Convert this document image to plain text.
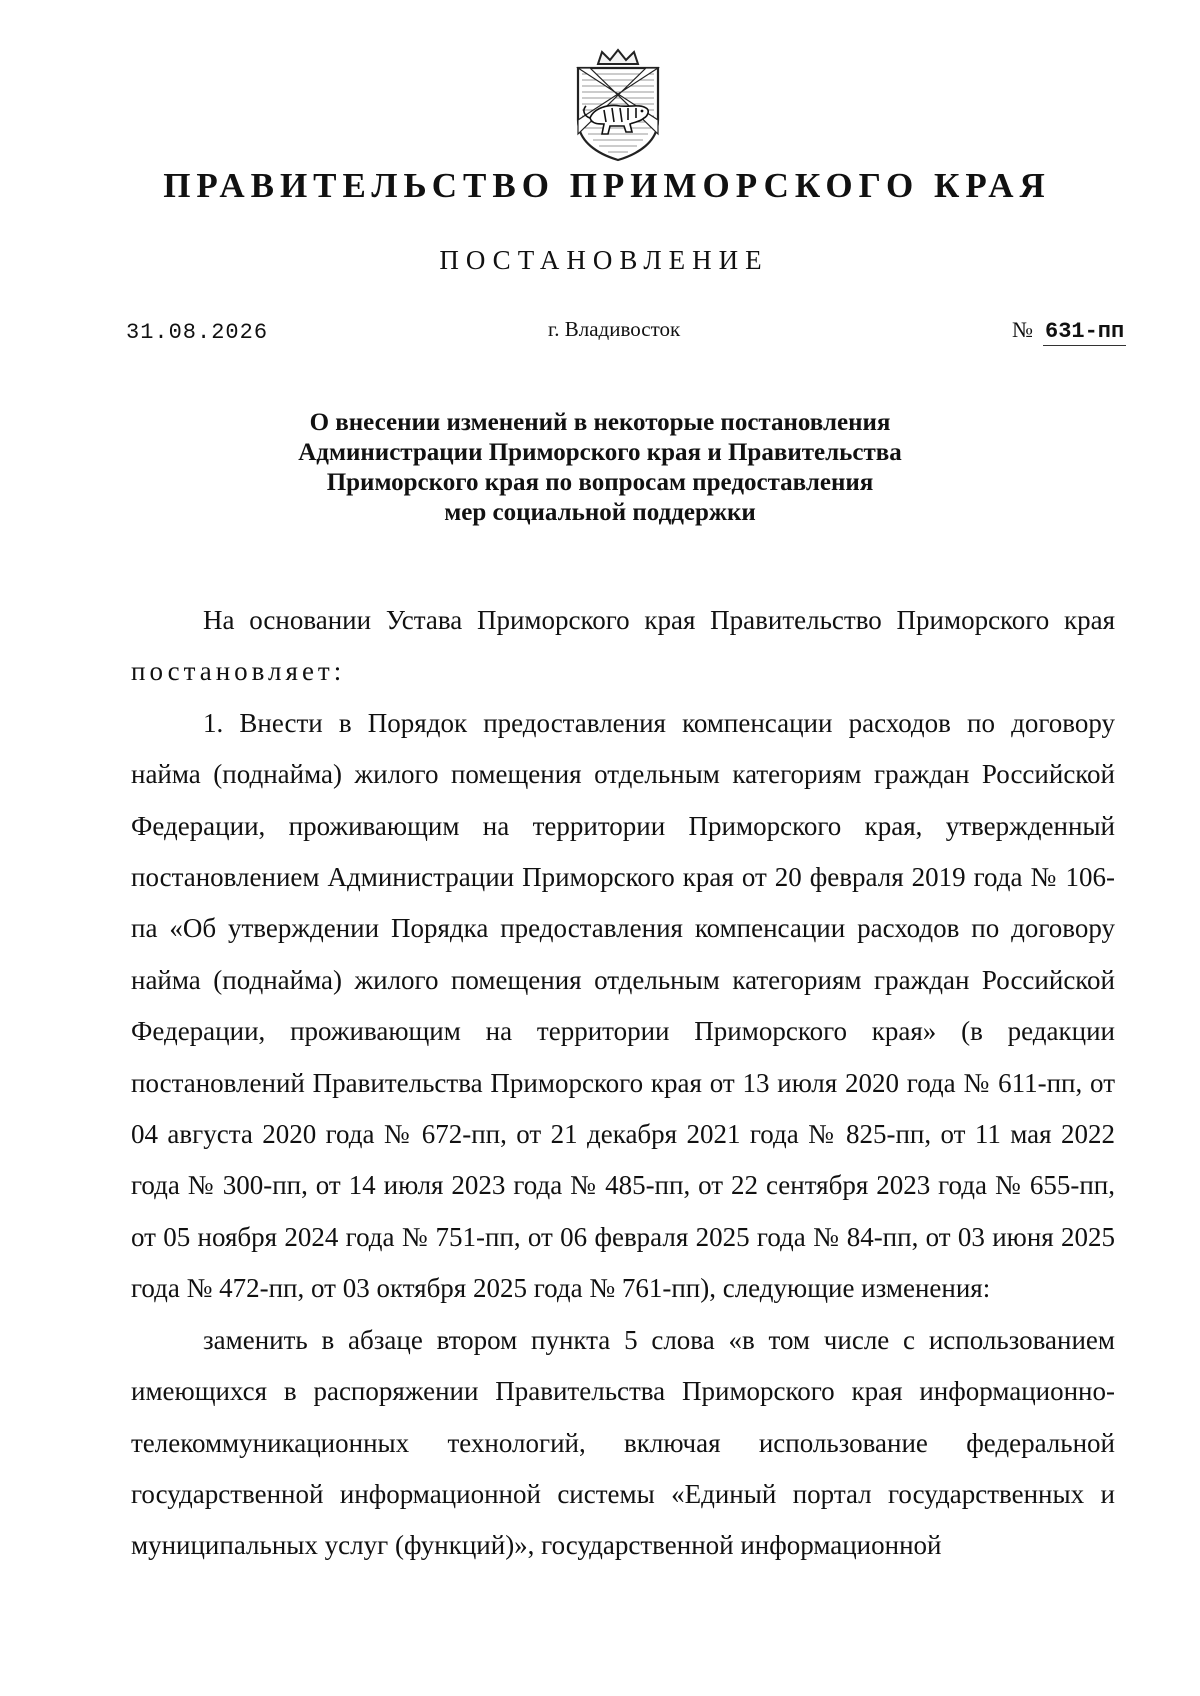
ПРАВИТЕЛЬСТВО ПРИМОРСКОГО КРАЯ
ПОСТАНОВЛЕНИЕ
31.08.2026	г. Владивосток	№ 631-пп
О внесении изменений в некоторые постановления
Администрации Приморского края и Правительства
Приморского края по вопросам предоставления
мер социальной поддержки

На основании Устава Приморского края Правительство Приморского края постановляет:

1. Внести в Порядок предоставления компенсации расходов по договору найма (поднайма) жилого помещения отдельным категориям граждан Российской Федерации, проживающим на территории Приморского края, утвержденный постановлением Администрации Приморского края от 20 февраля 2019 года № 106-па «Об утверждении Порядка предоставления компенсации расходов по договору найма (поднайма) жилого помещения отдельным категориям граждан Российской Федерации, проживающим на территории Приморского края» (в редакции постановлений Правительства Приморского края от 13 июля 2020 года № 611-пп, от 04 августа 2020 года № 672-пп, от 21 декабря 2021 года № 825-пп, от 11 мая 2022 года № 300-пп, от 14 июля 2023 года № 485-пп, от 22 сентября 2023 года № 655-пп, от 05 ноября 2024 года № 751-пп, от 06 февраля 2025 года № 84-пп, от 03 июня 2025 года № 472-пп, от 03 октября 2025 года № 761-пп), следующие изменения:

заменить в абзаце втором пункта 5 слова «в том числе с использованием имеющихся в распоряжении Правительства Приморского края информационно-телекоммуникационных технологий, включая использование федеральной государственной информационной системы «Единый портал государственных и муниципальных услуг (функций)», государственной информационной
